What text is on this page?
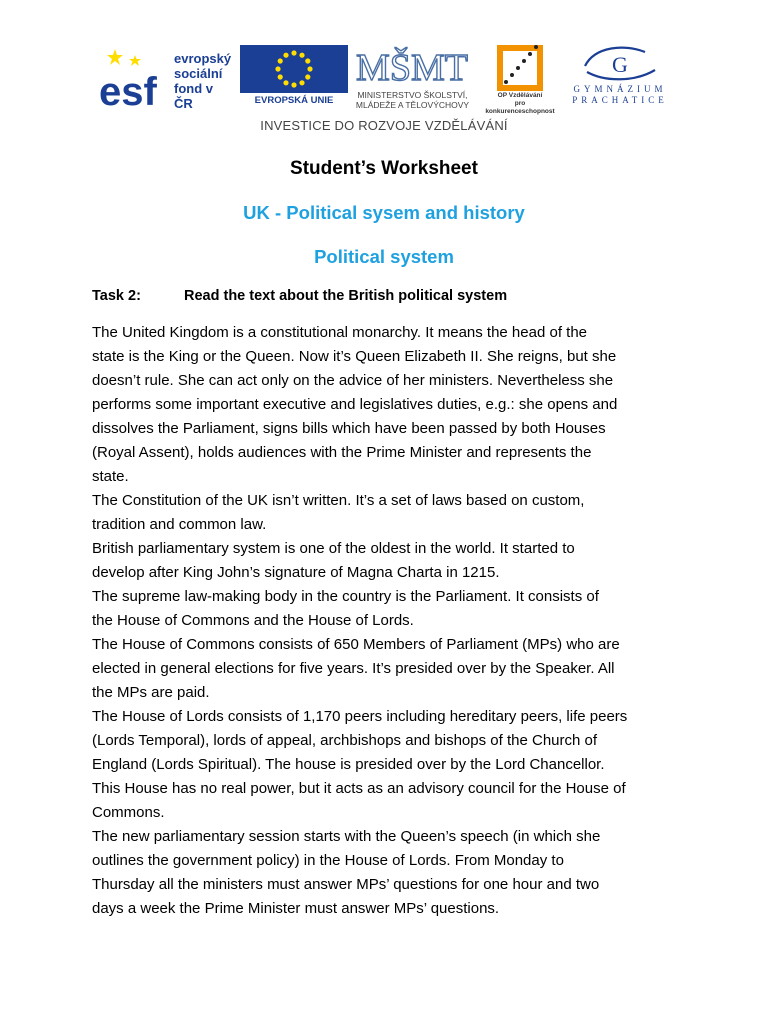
esf
evropský
sociální
fond v ČR	EVROPSKÁ UNIE
MŠMT
MINISTERSTVO ŠKOLSTVÍ,
MLÁDEŽE A TĚLOVÝCHOVY
OP Vzdělávání
pro konkurenceschopnost
G
GYMNÁZIUM
PRACHATICE
INVESTICE DO ROZVOJE VZDĚLÁVÁNÍ
Student’s Worksheet
UK - Political sysem and history
Political system
Task 2:	Read the text about the British political system

The United Kingdom is a constitutional monarchy. It means the head of the

state is the King or the Queen. Now it’s Queen Elizabeth II. She reigns, but she

doesn’t rule. She can act only on the advice of her ministers. Nevertheless she

performs some important executive and legislatives duties, e.g.: she opens and

dissolves the Parliament, signs bills which have been passed by both Houses

(Royal Assent), holds audiences with the Prime Minister and represents the

state.

The Constitution of the UK isn’t written. It’s a set of laws based on custom,

tradition and common law.

British parliamentary system is one of the oldest in the world. It started to

develop after King John’s signature of Magna Charta in 1215.

The supreme law-making body in the country is the Parliament. It consists of

the House of Commons and the House of Lords.

The House of Commons consists of 650 Members of Parliament (MPs) who are

elected in general elections for five years. It’s presided over by the Speaker. All

the MPs are paid.

The House of Lords consists of 1,170 peers including hereditary peers, life peers

(Lords Temporal), lords of appeal, archbishops and bishops of the Church of

England (Lords Spiritual). The house is presided over by the Lord Chancellor.

This House has no real power, but it acts as an advisory council for the House of

Commons.

The new parliamentary session starts with the Queen’s speech (in which she

outlines the government policy) in the House of Lords. From Monday to

Thursday all the ministers must answer MPs’ questions for one hour and two

days a week the Prime Minister must answer MPs’ questions.
